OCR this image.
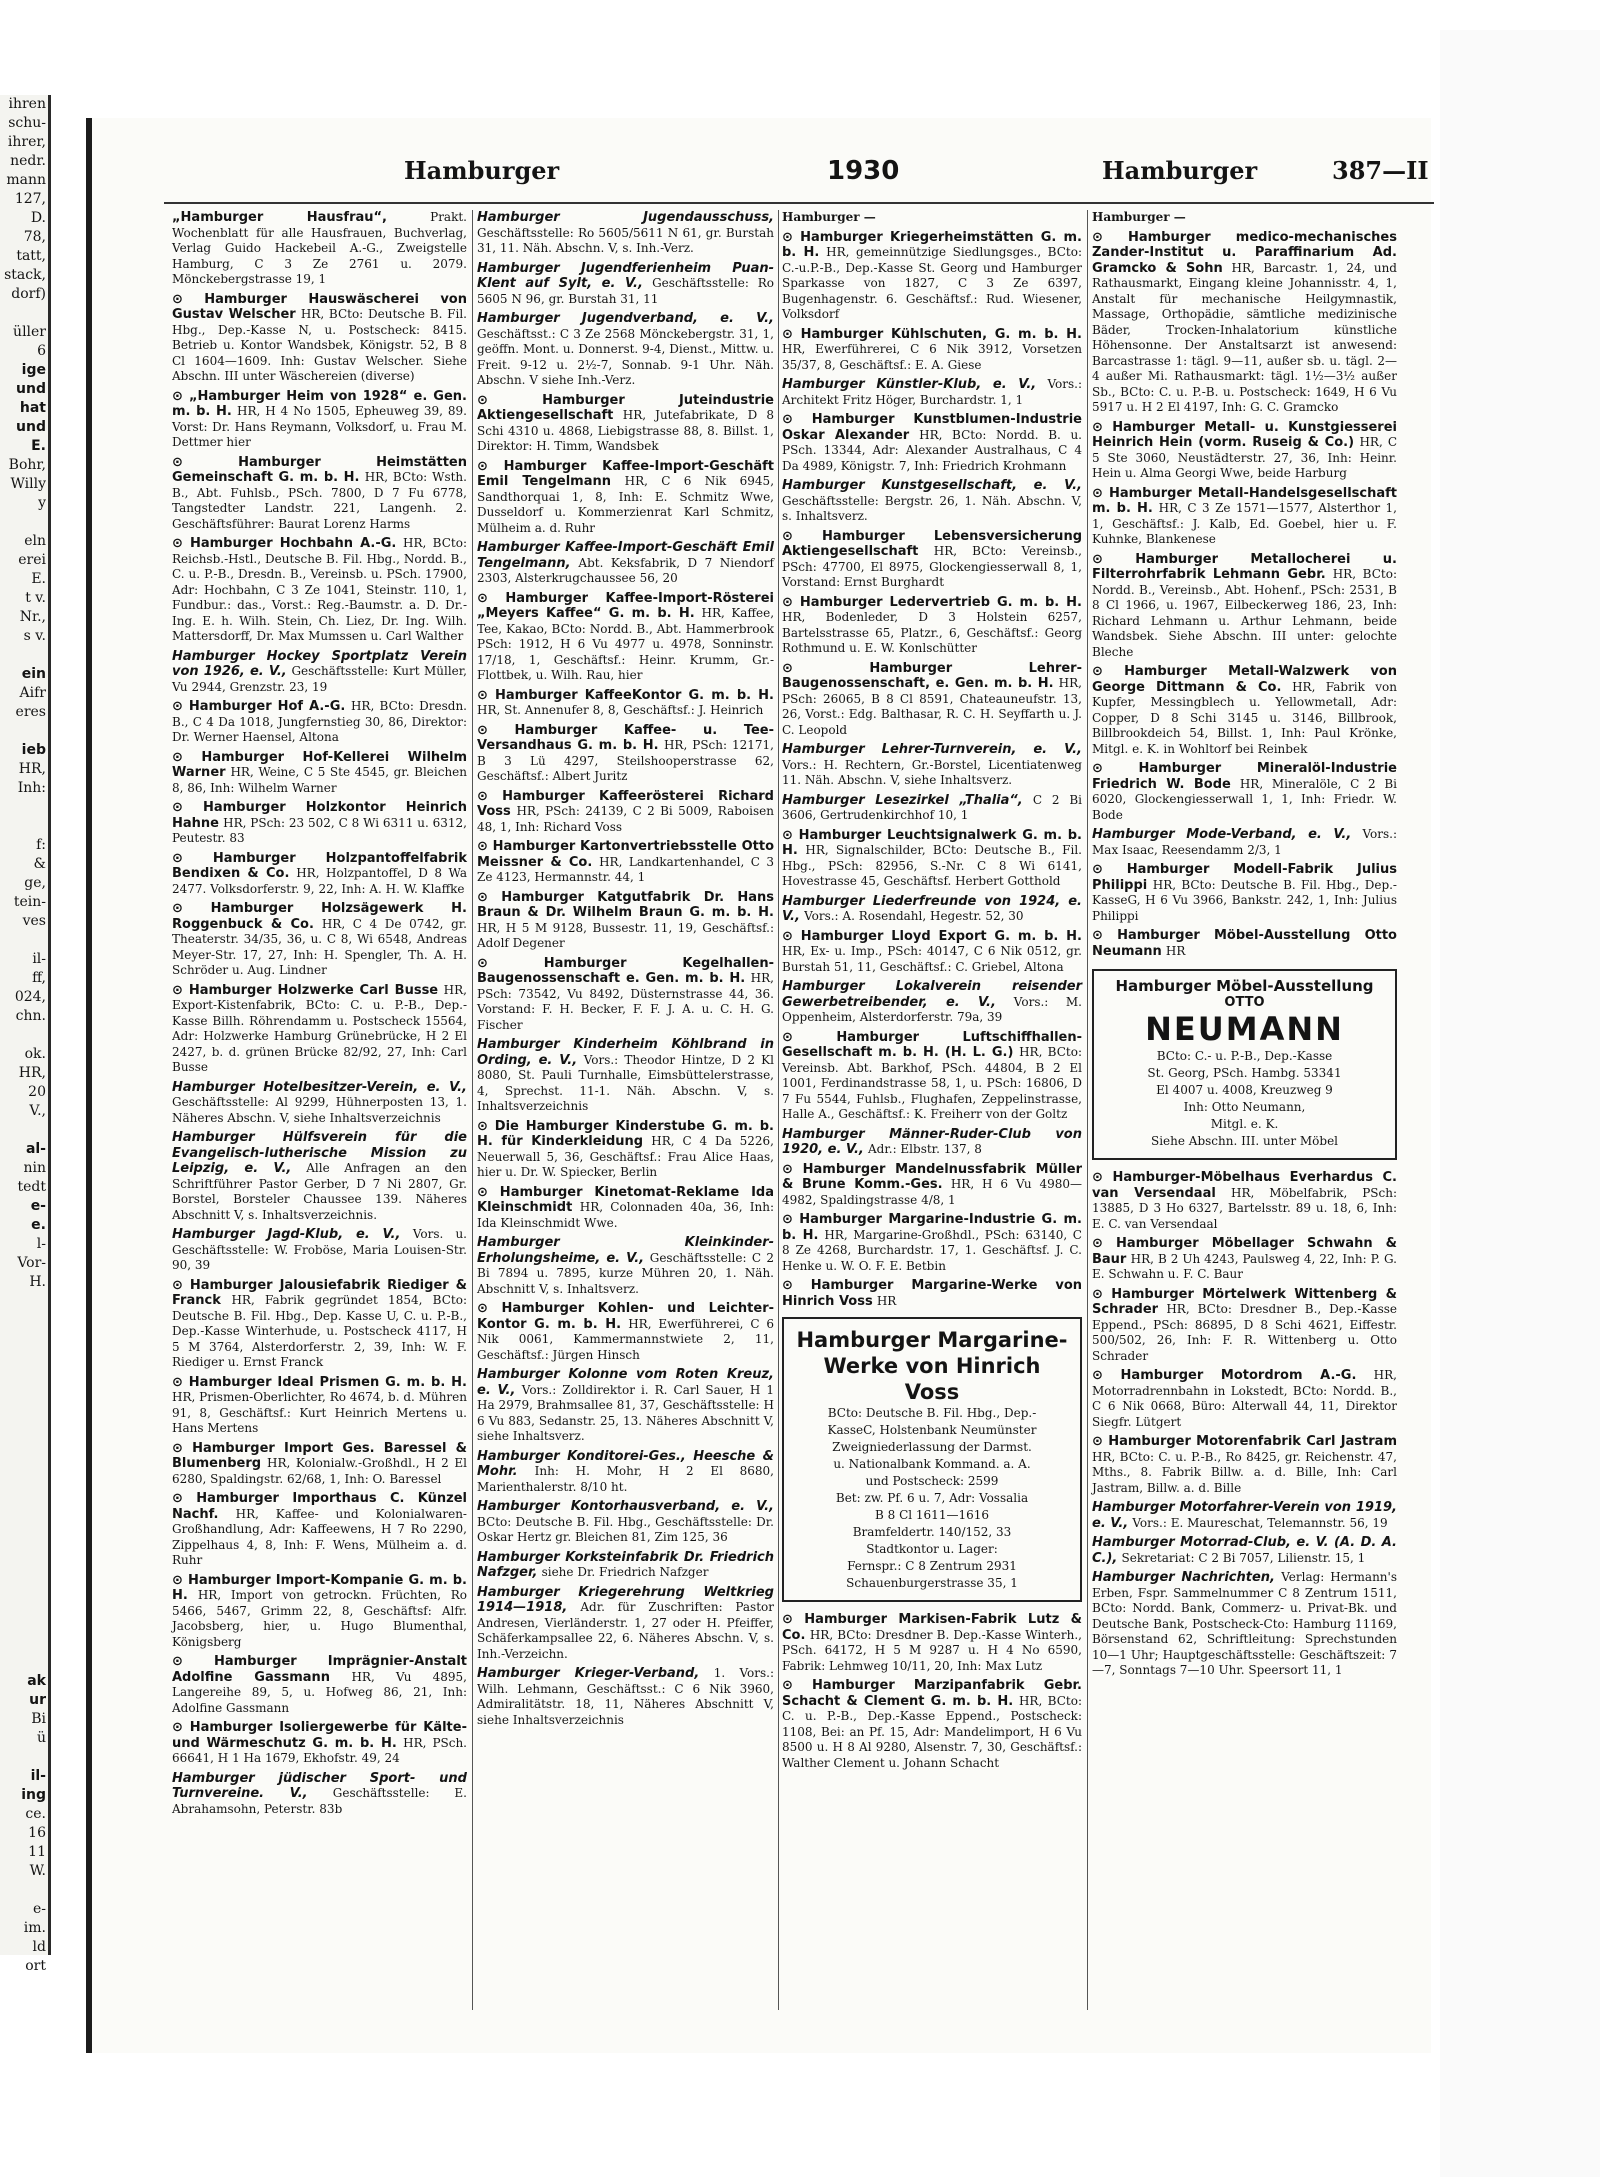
ihren
schu-
ihrer,
nedr.
mann
127,
D.
78,
tatt,
stack,
dorf)

üller
6
ige
und
hat
und
E.
Bohr,
Willy
y

eln
erei
E.
t v.
Nr.,
s v.

ein
Aifr
eres

ieb
HR,
Inh:

f:
&
ge,
tein-
ves

il-
ff,
024,
chn.

ok.
HR,
20
V.,

al-
nin
tedt
e-
e.
l-
Vor-
H.

ak
ur
Bi
ü

il-
ing
ce.
16
11
W.

e-
im.
ld
ort

Hamburger	1930	Hamburger	387—II
„Hamburger Hausfrau“,	Prakt. Wochenblatt für alle Hausfrauen, Buchverlag, Verlag Guido Hackebeil A.-G., Zweigstelle Hamburg, C 3 Ze 2761 u. 2079. Mönckebergstrasse 19, 1
⊙ Hamburger Hauswäscherei von Gustav Welscher HR, BCto: Deutsche B. Fil. Hbg., Dep.-Kasse N, u. Postscheck: 8415. Betrieb u. Kontor Wandsbek, Königstr. 52, B 8 Cl 1604—1609. Inh: Gustav Welscher. Siehe Abschn. III unter Wäschereien (diverse)
⊙ „Hamburger Heim von 1928“ e. Gen. m. b. H. HR, H 4 No 1505, Epheuweg 39, 89. Vorst: Dr. Hans Reymann, Volksdorf, u. Frau M. Dettmer hier
⊙ Hamburger Heimstätten Gemeinschaft G. m. b. H. HR, BCto: Wsth. B., Abt. Fuhlsb., PSch. 7800, D 7 Fu 6778, Tangstedter Landstr. 221, Langenh. 2. Geschäftsführer: Baurat Lorenz Harms
⊙ Hamburger Hochbahn A.-G. HR, BCto: Reichsb.-Hstl., Deutsche B. Fil. Hbg., Nordd. B., C. u. P.-B., Dresdn. B., Vereinsb. u. PSch. 17900, Adr: Hochbahn, C 3 Ze 1041, Steinstr. 110, 1, Fundbur.: das., Vorst.: Reg.-Baumstr. a. D. Dr.-Ing. E. h. Wilh. Stein, Ch. Liez, Dr. Ing. Wilh. Mattersdorff, Dr. Max Mumssen u. Carl Walther
Hamburger Hockey Sportplatz Verein von 1926, e. V., Geschäftsstelle: Kurt Müller, Vu 2944, Grenzstr. 23, 19
⊙ Hamburger Hof A.-G. HR, BCto: Dresdn. B., C 4 Da 1018, Jungfernstieg 30, 86, Direktor: Dr. Werner Haensel, Altona
⊙ Hamburger Hof-Kellerei Wilhelm Warner HR, Weine, C 5 Ste 4545, gr. Bleichen 8, 86, Inh: Wilhelm Warner
⊙ Hamburger Holzkontor Heinrich Hahne HR, PSch: 23 502, C 8 Wi 6311 u. 6312, Peutestr. 83
⊙ Hamburger Holzpantoffelfabrik Bendixen & Co. HR, Holzpantoffel, D 8 Wa 2477. Volksdorferstr. 9, 22, Inh: A. H. W. Klaffke
⊙ Hamburger Holzsägewerk H. Roggenbuck & Co. HR, C 4 De 0742, gr. Theaterstr. 34/35, 36, u. C 8, Wi 6548, Andreas Meyer-Str. 17, 27, Inh: H. Spengler, Th. A. H. Schröder u. Aug. Lindner
⊙ Hamburger Holzwerke Carl Busse HR, Export-Kistenfabrik, BCto: C. u. P.-B., Dep.-Kasse Billh. Röhrendamm u. Postscheck 15564, Adr: Holzwerke Hamburg Grünebrücke, H 2 El 2427, b. d. grünen Brücke 82/92, 27, Inh: Carl Busse
Hamburger Hotelbesitzer-Verein, e. V., Geschäftsstelle: Al 9299, Hühnerposten 13, 1. Näheres Abschn. V, siehe Inhaltsverzeichnis
Hamburger Hülfsverein für die Evangelisch-lutherische Mission zu Leipzig, e. V., Alle Anfragen an den Schriftführer Pastor Gerber, D 7 Ni 2807, Gr. Borstel, Borsteler Chaussee 139. Näheres Abschnitt V, s. Inhaltsverzeichnis.
Hamburger Jagd-Klub, e. V., Vors. u. Geschäftsstelle: W. Froböse, Maria Louisen-Str. 90, 39
⊙ Hamburger Jalousiefabrik Riediger & Franck HR, Fabrik gegründet 1854, BCto: Deutsche B. Fil. Hbg., Dep. Kasse U, C. u. P.-B., Dep.-Kasse Winterhude, u. Postscheck 4117, H 5 M 3764, Alsterdorferstr. 2, 39, Inh: W. F. Riediger u. Ernst Franck
⊙ Hamburger Ideal Prismen G. m. b. H. HR, Prismen-Oberlichter, Ro 4674, b. d. Mühren 91, 8, Geschäftsf.: Kurt Heinrich Mertens u. Hans Mertens
⊙ Hamburger Import Ges. Baressel & Blumenberg HR, Kolonialw.-Großhdl., H 2 El 6280, Spaldingstr. 62/68, 1, Inh: O. Baressel
⊙ Hamburger Importhaus C. Künzel Nachf. HR, Kaffee- und Kolonialwaren-Großhandlung, Adr: Kaffeewens, H 7 Ro 2290, Zippelhaus 4, 8, Inh: F. Wens, Mülheim a. d. Ruhr
⊙ Hamburger Import-Kompanie G. m. b. H. HR, Import von getrockn. Früchten, Ro 5466, 5467, Grimm 22, 8, Geschäftsf: Alfr. Jacobsberg, hier, u. Hugo Blumenthal, Königsberg
⊙ Hamburger Imprägnier-Anstalt Adolfine Gassmann HR, Vu 4895, Langereihe 89, 5, u. Hofweg 86, 21, Inh: Adolfine Gassmann
⊙ Hamburger Isoliergewerbe für Kälte- und Wärmeschutz G. m. b. H. HR, PSch. 66641, H 1 Ha 1679, Ekhofstr. 49, 24
Hamburger jüdischer Sport- und Turnvereine. V., Geschäftsstelle: E. Abrahamsohn, Peterstr. 83b
Hamburger Jugendausschuss, Geschäftsstelle: Ro 5605/5611 N 61, gr. Burstah 31, 11. Näh. Abschn. V, s. Inh.-Verz.
Hamburger Jugendferienheim Puan-Klent auf Sylt, e. V., Geschäftsstelle: Ro 5605 N 96, gr. Burstah 31, 11
Hamburger Jugendverband, e. V., Geschäftsst.: C 3 Ze 2568 Mönckebergstr. 31, 1, geöffn. Mont. u. Donnerst. 9-4, Dienst., Mittw. u. Freit. 9-12 u. 2½-7, Sonnab. 9-1 Uhr. Näh. Abschn. V siehe Inh.-Verz.
⊙ Hamburger Juteindustrie Aktiengesellschaft HR, Jutefabrikate, D 8 Schi 4310 u. 4868, Liebigstrasse 88, 8. Billst. 1, Direktor: H. Timm, Wandsbek
⊙ Hamburger Kaffee-Import-Geschäft Emil Tengelmann HR, C 6 Nik 6945, Sandthorquai 1, 8, Inh: E. Schmitz Wwe, Dusseldorf u. Kommerzienrat Karl Schmitz, Mülheim a. d. Ruhr
Hamburger Kaffee-Import-Geschäft Emil Tengelmann, Abt. Keksfabrik, D 7 Niendorf 2303, Alsterkrugchaussee 56, 20
⊙ Hamburger Kaffee-Import-Rösterei „Meyers Kaffee“ G. m. b. H. HR, Kaffee, Tee, Kakao, BCto: Nordd. B., Abt. Hammerbrook PSch: 1912, H 6 Vu 4977 u. 4978, Sonninstr. 17/18, 1, Geschäftsf.: Heinr. Krumm, Gr.-Flottbek, u. Wilh. Rau, hier
⊙ Hamburger KaffeeKontor G. m. b. H. HR, St. Annenufer 8, 8, Geschäftsf.: J. Heinrich
⊙ Hamburger Kaffee- u. Tee-Versandhaus G. m. b. H. HR, PSch: 12171, B 3 Lü 4297, Steilshooperstrasse 62, Geschäftsf.: Albert Juritz
⊙ Hamburger Kaffeerösterei Richard Voss HR, PSch: 24139, C 2 Bi 5009, Raboisen 48, 1, Inh: Richard Voss
⊙ Hamburger Kartonvertriebsstelle Otto Meissner & Co. HR, Landkartenhandel, C 3 Ze 4123, Hermannstr. 44, 1
⊙ Hamburger Katgutfabrik Dr. Hans Braun & Dr. Wilhelm Braun G. m. b. H. HR, H 5 M 9128, Bussestr. 11, 19, Geschäftsf.: Adolf Degener
⊙ Hamburger Kegelhallen-Baugenossenschaft e. Gen. m. b. H. HR, PSch: 73542, Vu 8492, Düsternstrasse 44, 36. Vorstand: F. H. Becker, F. F. J. A. u. C. H. G. Fischer
Hamburger Kinderheim Köhlbrand in Ording, e. V., Vors.: Theodor Hintze, D 2 Kl 8080, St. Pauli Turnhalle, Eimsbüttelerstrasse, 4, Sprechst. 11-1. Näh. Abschn. V, s. Inhaltsverzeichnis
⊙ Die Hamburger Kinderstube G. m. b. H. für Kinderkleidung HR, C 4 Da 5226, Neuerwall 5, 36, Geschäftsf.: Frau Alice Haas, hier u. Dr. W. Spiecker, Berlin
⊙ Hamburger Kinetomat-Reklame Ida Kleinschmidt HR, Colonnaden 40a, 36, Inh: Ida Kleinschmidt Wwe.
Hamburger Kleinkinder-Erholungsheime, e. V., Geschäftsstelle: C 2 Bi 7894 u. 7895, kurze Mühren 20, 1. Näh. Abschnitt V, s. Inhaltsverz.
⊙ Hamburger Kohlen- und Leichter-Kontor G. m. b. H. HR, Ewerführerei, C 6 Nik 0061, Kammermannstwiete 2, 11, Geschäftsf.: Jürgen Hinsch
Hamburger Kolonne vom Roten Kreuz, e. V., Vors.: Zolldirektor i. R. Carl Sauer, H 1 Ha 2979, Brahmsallee 81, 37, Geschäftsstelle: H 6 Vu 883, Sedanstr. 25, 13. Näheres Abschnitt V, siehe Inhaltsverz.
Hamburger Konditorei-Ges., Heesche & Mohr. Inh: H. Mohr, H 2 El 8680, Marienthalerstr. 8/10 ht.
Hamburger Kontorhausverband, e. V., BCto: Deutsche B. Fil. Hbg., Geschäftsstelle: Dr. Oskar Hertz gr. Bleichen 81, Zim 125, 36
Hamburger Korksteinfabrik Dr. Friedrich Nafzger, siehe Dr. Friedrich Nafzger
Hamburger Kriegerehrung Weltkrieg 1914—1918, Adr. für Zuschriften: Pastor Andresen, Vierländerstr. 1, 27 oder H. Pfeiffer, Schäferkampsallee 22, 6. Näheres Abschn. V, s. Inh.-Verzeichn.
Hamburger Krieger-Verband, 1. Vors.: Wilh. Lehmann, Geschäftsst.: C 6 Nik 3960, Admiralitätstr. 18, 11, Näheres Abschnitt V, siehe Inhaltsverzeichnis
Hamburger —
⊙ Hamburger Kriegerheimstätten G. m. b. H. HR, gemeinnützige Siedlungsges., BCto: C.-u.P.-B., Dep.-Kasse St. Georg und Hamburger Sparkasse von 1827, C 3 Ze 6397, Bugenhagenstr. 6. Geschäftsf.: Rud. Wiesener, Volksdorf
⊙ Hamburger Kühlschuten, G. m. b. H. HR, Ewerführerei, C 6 Nik 3912, Vorsetzen 35/37, 8, Geschäftsf.: E. A. Giese
Hamburger Künstler-Klub, e. V., Vors.: Architekt Fritz Höger, Burchardstr. 1, 1
⊙ Hamburger Kunstblumen-Industrie Oskar Alexander HR, BCto: Nordd. B. u. PSch. 13344, Adr: Alexander Australhaus, C 4 Da 4989, Königstr. 7, Inh: Friedrich Krohmann
Hamburger Kunstgesellschaft, e. V., Geschäftsstelle: Bergstr. 26, 1. Näh. Abschn. V, s. Inhaltsverz.
⊙ Hamburger Lebensversicherung Aktiengesellschaft HR, BCto: Vereinsb., PSch: 47700, El 8975, Glockengiesserwall 8, 1, Vorstand: Ernst Burghardt
⊙ Hamburger Ledervertrieb G. m. b. H. HR, Bodenleder, D 3 Holstein 6257, Bartelsstrasse 65, Platzr., 6, Geschäftsf.: Georg Rothmund u. E. W. Konlschütter
⊙ Hamburger Lehrer-Baugenossenschaft, e. Gen. m. b. H. HR, PSch: 26065, B 8 Cl 8591, Chateauneufstr. 13, 26, Vorst.: Edg. Balthasar, R. C. H. Seyffarth u. J. C. Leopold
Hamburger Lehrer-Turnverein, e. V., Vors.: H. Rechtern, Gr.-Borstel, Licentiatenweg 11. Näh. Abschn. V, siehe Inhaltsverz.
Hamburger Lesezirkel „Thalia“, C 2 Bi 3606, Gertrudenkirchhof 10, 1
⊙ Hamburger Leuchtsignalwerk G. m. b. H. HR, Signalschilder, BCto: Deutsche B., Fil. Hbg., PSch: 82956, S.-Nr. C 8 Wi 6141, Hovestrasse 45, Geschäftsf. Herbert Gotthold
Hamburger Liederfreunde von 1924, e. V., Vors.: A. Rosendahl, Hegestr. 52, 30
⊙ Hamburger Lloyd Export G. m. b. H. HR, Ex- u. Imp., PSch: 40147, C 6 Nik 0512, gr. Burstah 51, 11, Geschäftsf.: C. Griebel, Altona
Hamburger Lokalverein reisender Gewerbetreibender, e. V., Vors.: M. Oppenheim, Alsterdorferstr. 79a, 39
⊙ Hamburger Luftschiffhallen-Gesellschaft m. b. H. (H. L. G.) HR, BCto: Vereinsb. Abt. Barkhof, PSch. 44804, B 2 El 1001, Ferdinandstrasse 58, 1, u. PSch: 16806, D 7 Fu 5544, Fuhlsb., Flughafen, Zeppelinstrasse, Halle A., Geschäftsf.: K. Freiherr von der Goltz
Hamburger Männer-Ruder-Club von 1920, e. V., Adr.: Elbstr. 137, 8
⊙ Hamburger Mandelnussfabrik Müller & Brune Komm.-Ges. HR, H 6 Vu 4980—4982, Spaldingstrasse 4/8, 1
⊙ Hamburger Margarine-Industrie G. m. b. H. HR, Margarine-Großhdl., PSch: 63140, C 8 Ze 4268, Burchardstr. 17, 1. Geschäftsf. J. C. Henke u. W. O. F. E. Betbin
⊙ Hamburger Margarine-Werke von Hinrich Voss HR
Hamburger Margarine-
Werke von Hinrich Voss
BCto: Deutsche B. Fil. Hbg., Dep.-
KasseC, Holstenbank Neumünster
Zweigniederlassung der Darmst.
u. Nationalbank Kommand. a. A.
und Postscheck: 2599
Bet: zw. Pf. 6 u. 7, Adr: Vossalia
B 8 Cl 1611—1616
Bramfeldertr. 140/152, 33
Stadtkontor u. Lager:
Fernspr.: C 8 Zentrum 2931
Schauenburgerstrasse 35, 1
⊙ Hamburger Markisen-Fabrik Lutz & Co. HR, BCto: Dresdner B. Dep.-Kasse Winterh., PSch. 64172, H 5 M 9287 u. H 4 No 6590, Fabrik: Lehmweg 10/11, 20, Inh: Max Lutz
⊙ Hamburger Marzipanfabrik Gebr. Schacht & Clement G. m. b. H. HR, BCto: C. u. P.-B., Dep.-Kasse Eppend., Postscheck: 1108, Bei: an Pf. 15, Adr: Mandelimport, H 6 Vu 8500 u. H 8 Al 9280, Alsenstr. 7, 30, Geschäftsf.: Walther Clement u. Johann Schacht
Hamburger —
⊙ Hamburger medico-mechanisches Zander-Institut u. Paraffinarium Ad. Gramcko & Sohn HR, Barcastr. 1, 24, und Rathausmarkt, Eingang kleine Johannisstr. 4, 1, Anstalt für mechanische Heilgymnastik, Massage, Orthopädie, sämtliche medizinische Bäder, Trocken-Inhalatorium künstliche Höhensonne. Der Anstaltsarzt ist anwesend: Barcastrasse 1: tägl. 9—11, außer sb. u. tägl. 2—4 außer Mi. Rathausmarkt: tägl. 1½—3½ außer Sb., BCto: C. u. P.-B. u. Postscheck: 1649, H 6 Vu 5917 u. H 2 El 4197, Inh: G. C. Gramcko
⊙ Hamburger Metall- u. Kunstgiesserei Heinrich Hein (vorm. Ruseig & Co.) HR, C 5 Ste 3060, Neustädterstr. 27, 36, Inh: Heinr. Hein u. Alma Georgi Wwe, beide Harburg
⊙ Hamburger Metall-Handelsgesellschaft m. b. H. HR, C 3 Ze 1571—1577, Alsterthor 1, 1, Geschäftsf.: J. Kalb, Ed. Goebel, hier u. F. Kuhnke, Blankenese
⊙ Hamburger Metallocherei u. Filterrohrfabrik Lehmann Gebr. HR, BCto: Nordd. B., Vereinsb., Abt. Hohenf., PSch: 2531, B 8 Cl 1966, u. 1967, Eilbeckerweg 186, 23, Inh: Richard Lehmann u. Arthur Lehmann, beide Wandsbek. Siehe Abschn. III unter: gelochte Bleche
⊙ Hamburger Metall-Walzwerk von George Dittmann & Co. HR, Fabrik von Kupfer, Messingblech u. Yellowmetall, Adr: Copper, D 8 Schi 3145 u. 3146, Billbrook, Billbrookdeich 54, Billst. 1, Inh: Paul Krönke, Mitgl. e. K. in Wohltorf bei Reinbek
⊙ Hamburger Mineralöl-Industrie Friedrich W. Bode HR, Mineralöle, C 2 Bi 6020, Glockengiesserwall 1, 1, Inh: Friedr. W. Bode
Hamburger Mode-Verband, e. V., Vors.: Max Isaac, Reesendamm 2/3, 1
⊙ Hamburger Modell-Fabrik Julius Philippi HR, BCto: Deutsche B. Fil. Hbg., Dep.-KasseG, H 6 Vu 3966, Bankstr. 242, 1, Inh: Julius Philippi
⊙ Hamburger Möbel-Ausstellung Otto Neumann HR
Hamburger Möbel-Ausstellung
OTTO
NEUMANN
BCto: C.- u. P.-B., Dep.-Kasse
St. Georg, PSch. Hambg. 53341
El 4007 u. 4008, Kreuzweg 9
Inh: Otto Neumann,
Mitgl. e. K.
Siehe Abschn. III. unter Möbel
⊙ Hamburger-Möbelhaus Everhardus C. van Versendaal HR, Möbelfabrik, PSch: 13885, D 3 Ho 6327, Bartelsstr. 89 u. 18, 6, Inh: E. C. van Versendaal
⊙ Hamburger Möbellager Schwahn & Baur HR, B 2 Uh 4243, Paulsweg 4, 22, Inh: P. G. E. Schwahn u. F. C. Baur
⊙ Hamburger Mörtelwerk Wittenberg & Schrader HR, BCto: Dresdner B., Dep.-Kasse Eppend., PSch: 86895, D 8 Schi 4621, Eiffestr. 500/502, 26, Inh: F. R. Wittenberg u. Otto Schrader
⊙ Hamburger Motordrom A.-G. HR, Motorradrennbahn in Lokstedt, BCto: Nordd. B., C 6 Nik 0668, Büro: Alterwall 44, 11, Direktor Siegfr. Lütgert
⊙ Hamburger Motorenfabrik Carl Jastram HR, BCto: C. u. P.-B., Ro 8425, gr. Reichenstr. 47, Mths., 8. Fabrik Billw. a. d. Bille, Inh: Carl Jastram, Billw. a. d. Bille
Hamburger Motorfahrer-Verein von 1919, e. V., Vors.: E. Maureschat, Telemannstr. 56, 19
Hamburger Motorrad-Club, e. V. (A. D. A. C.), Sekretariat: C 2 Bi 7057, Lilienstr. 15, 1
Hamburger Nachrichten, Verlag: Hermann's Erben, Fspr. Sammelnummer C 8 Zentrum 1511, BCto: Nordd. Bank, Commerz- u. Privat-Bk. und Deutsche Bank, Postscheck-Cto: Hamburg 11169, Börsenstand 62, Schriftleitung: Sprechstunden 10—1 Uhr; Hauptgeschäftsstelle: Geschäftszeit: 7—7, Sonntags 7—10 Uhr. Speersort 11, 1
